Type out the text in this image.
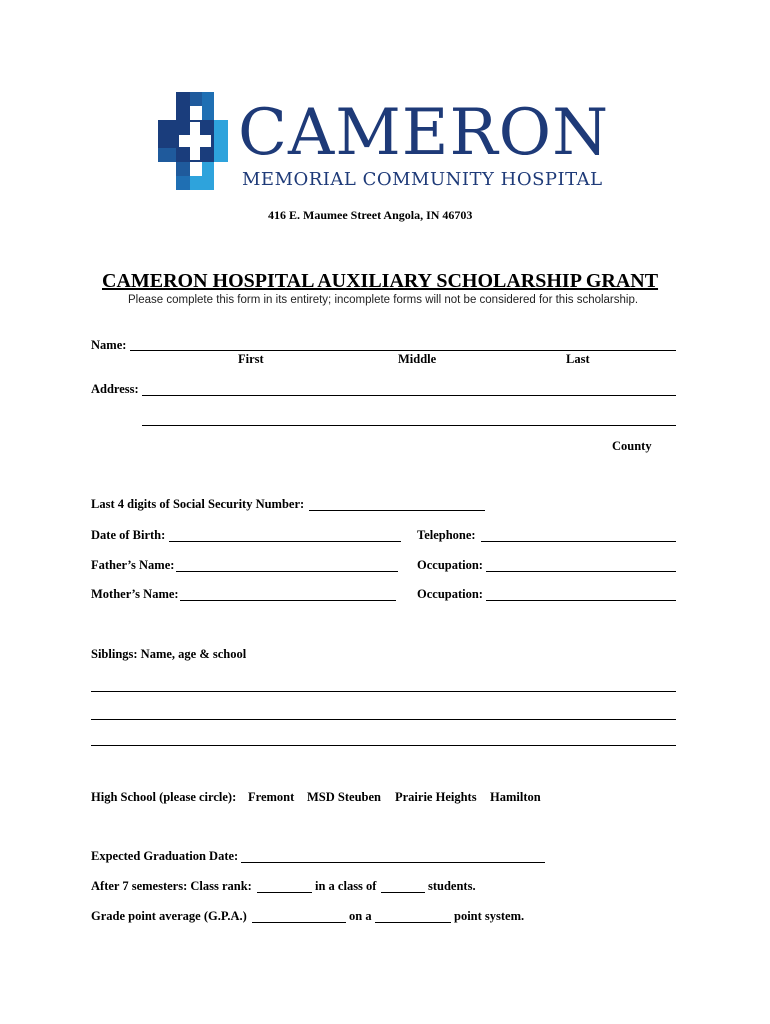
CAMERON
MEMORIAL COMMUNITY HOSPITAL
416 E. Maumee Street Angola, IN 46703
CAMERON HOSPITAL AUXILIARY SCHOLARSHIP GRANT
Please complete this form in its entirety; incomplete forms will not be considered for this scholarship.
Name:
First	Middle	Last
Address:
County
Last 4 digits of Social Security Number:
Date of Birth:	Telephone:
Father’s Name:	Occupation:
Mother’s Name:	Occupation:
Siblings: Name, age & school
High School (please circle): Fremont MSD Steuben Prairie Heights Hamilton
Expected Graduation Date:
After 7 semesters: Class rank:	in a class of	students.
Grade point average (G.P.A.)	on a	point system.
